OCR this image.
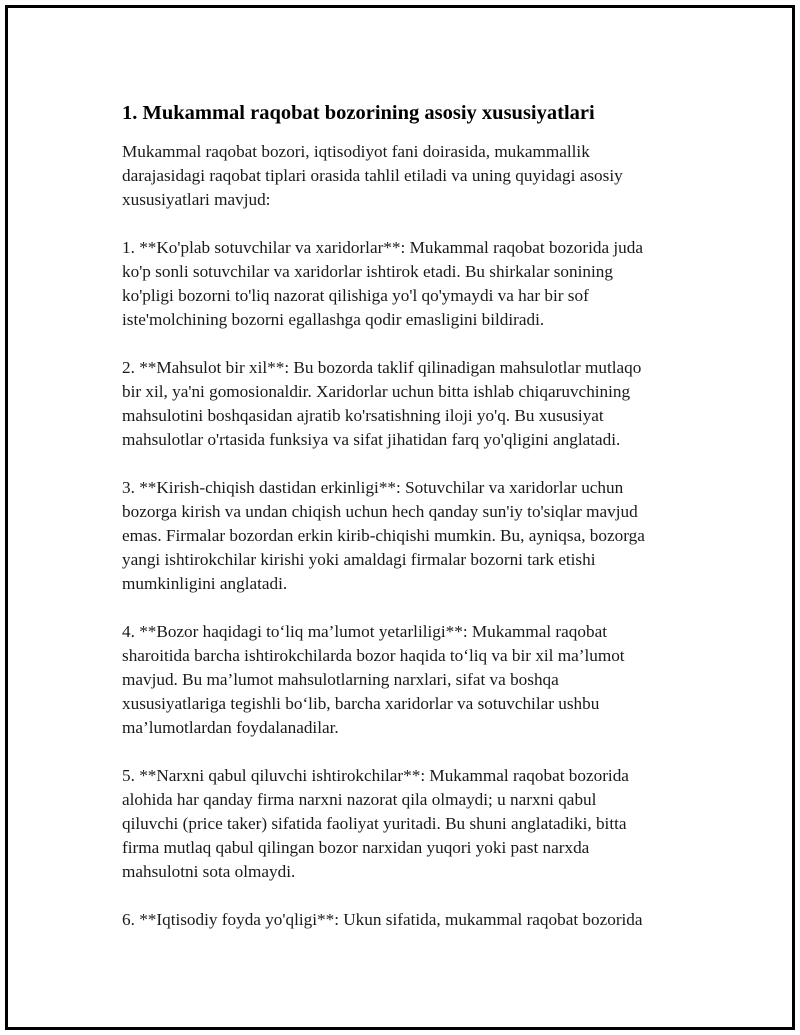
1. Mukammal raqobat bozorining asosiy xususiyatlari

Mukammal raqobat bozori, iqtisodiyot fani doirasida, mukammallik
darajasidagi raqobat tiplari orasida tahlil etiladi va uning quyidagi asosiy
xususiyatlari mavjud:

1. **Ko'plab sotuvchilar va xaridorlar**: Mukammal raqobat bozorida juda
ko'p sonli sotuvchilar va xaridorlar ishtirok etadi. Bu shirkalar sonining
ko'pligi bozorni to'liq nazorat qilishiga yo'l qo'ymaydi va har bir sof
iste'molchining bozorni egallashga qodir emasligini bildiradi.

2. **Mahsulot bir xil**: Bu bozorda taklif qilinadigan mahsulotlar mutlaqo
bir xil, ya'ni gomosionaldir. Xaridorlar uchun bitta ishlab chiqaruvchining
mahsulotini boshqasidan ajratib ko'rsatishning iloji yo'q. Bu xususiyat
mahsulotlar o'rtasida funksiya va sifat jihatidan farq yo'qligini anglatadi.

3. **Kirish-chiqish dastidan erkinligi**: Sotuvchilar va xaridorlar uchun
bozorga kirish va undan chiqish uchun hech qanday sun'iy to'siqlar mavjud
emas. Firmalar bozordan erkin kirib-chiqishi mumkin. Bu, ayniqsa, bozorga
yangi ishtirokchilar kirishi yoki amaldagi firmalar bozorni tark etishi
mumkinligini anglatadi.

4. **Bozor haqidagi to‘liq ma’lumot yetarliligi**: Mukammal raqobat
sharoitida barcha ishtirokchilarda bozor haqida to‘liq va bir xil ma’lumot
mavjud. Bu ma’lumot mahsulotlarning narxlari, sifat va boshqa
xususiyatlariga tegishli bo‘lib, barcha xaridorlar va sotuvchilar ushbu
ma’lumotlardan foydalanadilar.

5. **Narxni qabul qiluvchi ishtirokchilar**: Mukammal raqobat bozorida
alohida har qanday firma narxni nazorat qila olmaydi; u narxni qabul
qiluvchi (price taker) sifatida faoliyat yuritadi. Bu shuni anglatadiki, bitta
firma mutlaq qabul qilingan bozor narxidan yuqori yoki past narxda
mahsulotni sota olmaydi.

6. **Iqtisodiy foyda yo'qligi**: Ukun sifatida, mukammal raqobat bozorida
